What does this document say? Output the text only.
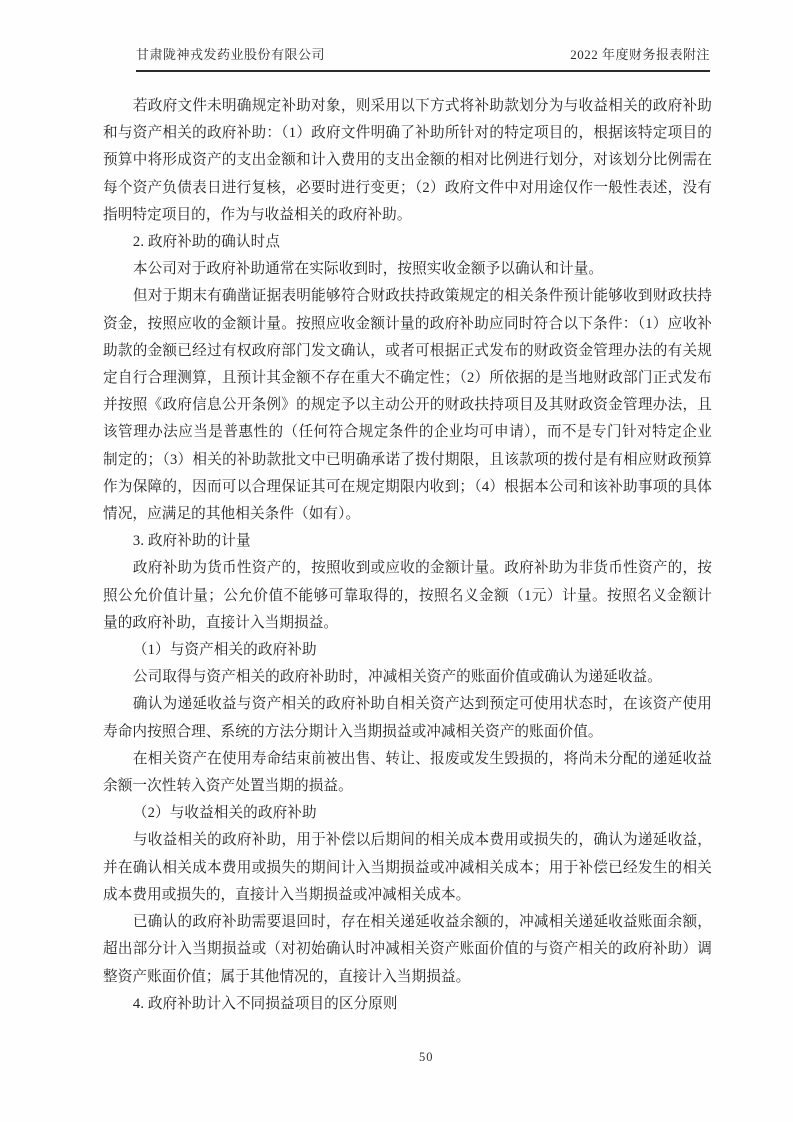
甘肃陇神戎发药业股份有限公司	2022 年度财务报表附注

若政府文件未明确规定补助对象，则采用以下方式将补助款划分为与收益相关的政府补助和与资产相关的政府补助：（1）政府文件明确了补助所针对的特定项目的，根据该特定项目的预算中将形成资产的支出金额和计入费用的支出金额的相对比例进行划分，对该划分比例需在每个资产负债表日进行复核，必要时进行变更；（2）政府文件中对用途仅作一般性表述，没有指明特定项目的，作为与收益相关的政府补助。

2. 政府补助的确认时点

本公司对于政府补助通常在实际收到时，按照实收金额予以确认和计量。

但对于期末有确凿证据表明能够符合财政扶持政策规定的相关条件预计能够收到财政扶持资金，按照应收的金额计量。按照应收金额计量的政府补助应同时符合以下条件：（1）应收补助款的金额已经过有权政府部门发文确认，或者可根据正式发布的财政资金管理办法的有关规定自行合理测算，且预计其金额不存在重大不确定性；（2）所依据的是当地财政部门正式发布并按照《政府信息公开条例》的规定予以主动公开的财政扶持项目及其财政资金管理办法，且该管理办法应当是普惠性的（任何符合规定条件的企业均可申请），而不是专门针对特定企业制定的；（3）相关的补助款批文中已明确承诺了拨付期限，且该款项的拨付是有相应财政预算作为保障的，因而可以合理保证其可在规定期限内收到；（4）根据本公司和该补助事项的具体情况，应满足的其他相关条件（如有）。

3. 政府补助的计量

政府补助为货币性资产的，按照收到或应收的金额计量。政府补助为非货币性资产的，按照公允价值计量；公允价值不能够可靠取得的，按照名义金额（1元）计量。按照名义金额计量的政府补助，直接计入当期损益。

（1）与资产相关的政府补助

公司取得与资产相关的政府补助时，冲减相关资产的账面价值或确认为递延收益。

确认为递延收益与资产相关的政府补助自相关资产达到预定可使用状态时，在该资产使用寿命内按照合理、系统的方法分期计入当期损益或冲减相关资产的账面价值。

在相关资产在使用寿命结束前被出售、转让、报废或发生毁损的，将尚未分配的递延收益余额一次性转入资产处置当期的损益。

（2）与收益相关的政府补助

与收益相关的政府补助，用于补偿以后期间的相关成本费用或损失的，确认为递延收益，并在确认相关成本费用或损失的期间计入当期损益或冲减相关成本；用于补偿已经发生的相关成本费用或损失的，直接计入当期损益或冲减相关成本。

已确认的政府补助需要退回时，存在相关递延收益余额的，冲减相关递延收益账面余额，超出部分计入当期损益或（对初始确认时冲减相关资产账面价值的与资产相关的政府补助）调整资产账面价值；属于其他情况的，直接计入当期损益。

4. 政府补助计入不同损益项目的区分原则

50
